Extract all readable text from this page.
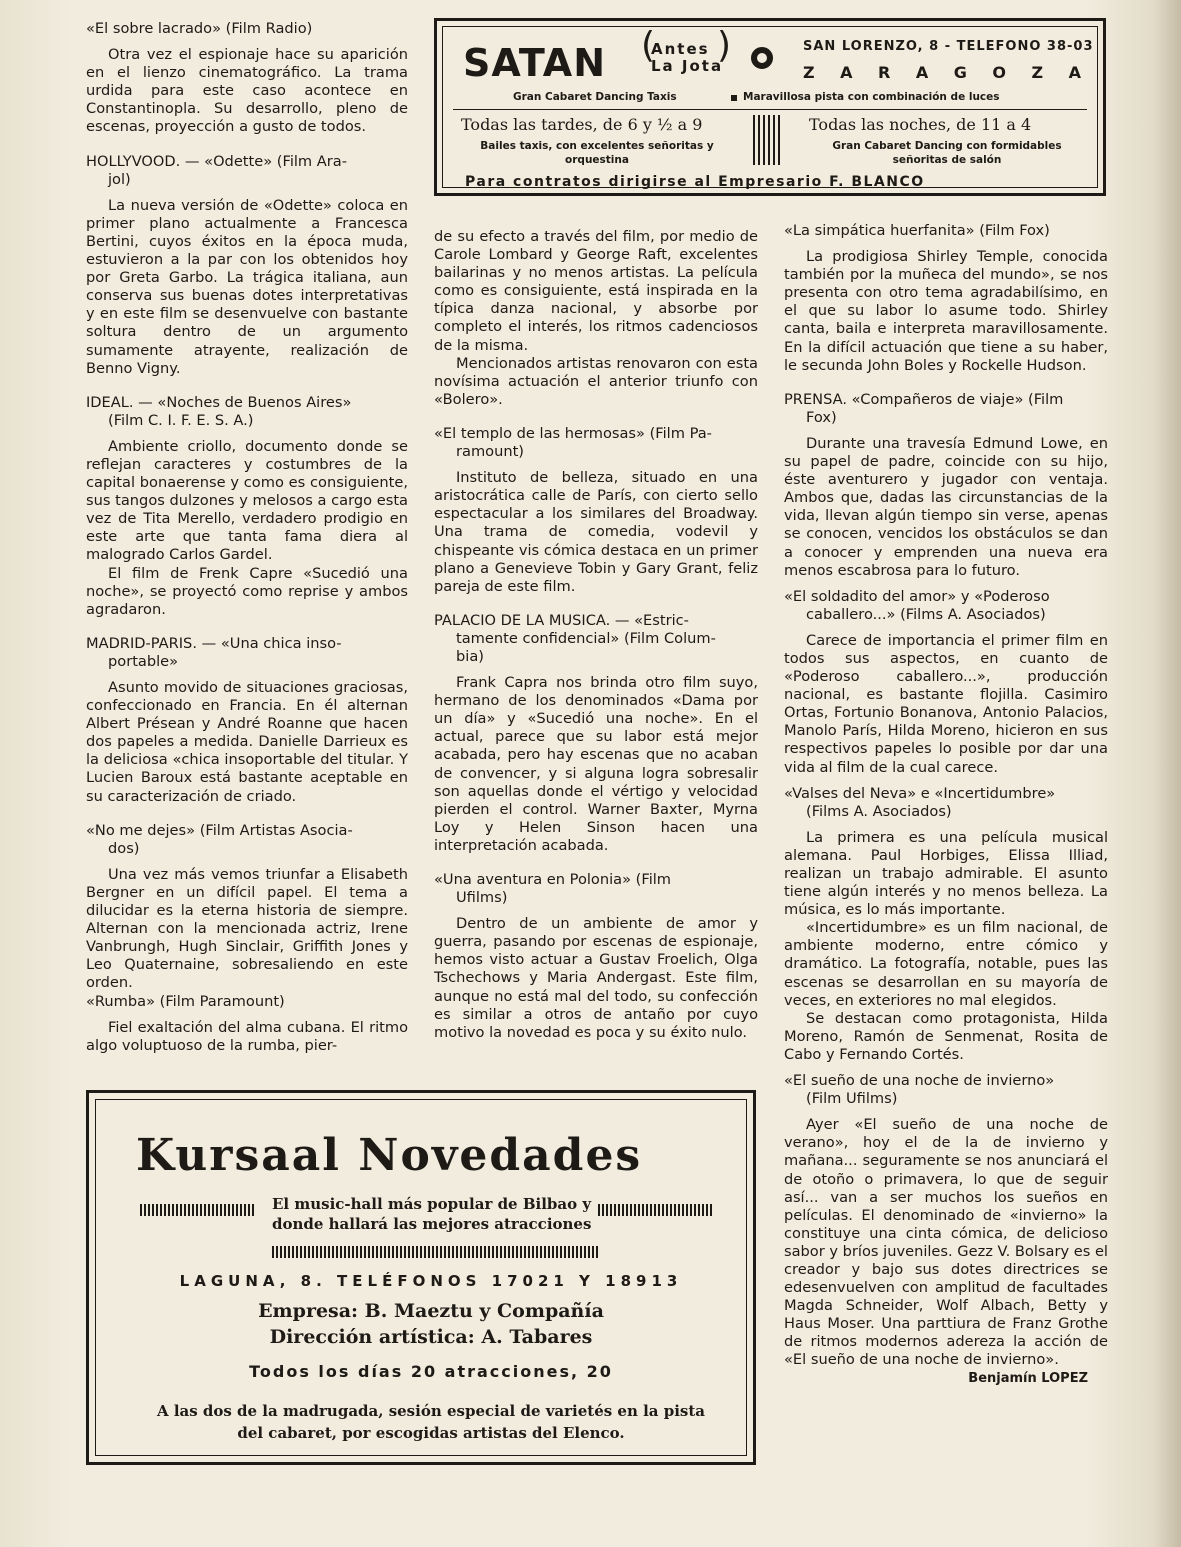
SATAN	( Antes
La Jota
)
SAN LORENZO, 8 - TELEFONO 38-03
Z A R A G O Z A
Gran Cabaret Dancing Taxis	Maravillosa pista con combinación de luces
Todas las tardes, de 6 y ½ a 9
Bailes taxis, con excelentes señoritas y orquestina
Todas las noches, de 11 a 4
Gran Cabaret Dancing con formidables señoritas de salón
Para contratos dirigirse al Empresario F. BLANCO
«El sobre lacrado» (Film Radio)

Otra vez el espionaje hace su aparición en el lienzo cinematográfico. La trama urdida para este caso acontece en Constantinopla. Su desarrollo, pleno de escenas, proyección a gusto de todos.

HOLLYVOOD. — «Odette» (Film Ara-
jol)

La nueva versión de «Odette» coloca en primer plano actualmente a Francesca Bertini, cuyos éxitos en la época muda, estuvieron a la par con los obtenidos hoy por Greta Garbo. La trágica italiana, aun conserva sus buenas dotes interpretativas y en este film se desenvuelve con bastante soltura dentro de un argumento sumamente atrayente, realización de Benno Vigny.

IDEAL. — «Noches de Buenos Aires»
(Film C. I. F. E. S. A.)

Ambiente criollo, documento donde se reflejan caracteres y costumbres de la capital bonaerense y como es consiguiente, sus tangos dulzones y melosos a cargo esta vez de Tita Merello, verdadero prodigio en este arte que tanta fama diera al malogrado Carlos Gardel.

El film de Frenk Capre «Sucedió una noche», se proyectó como reprise y ambos agradaron.

MADRID-PARIS. — «Una chica inso-
portable»

Asunto movido de situaciones graciosas, confeccionado en Francia. En él alternan Albert Présean y André Roanne que hacen dos papeles a medida. Danielle Darrieux es la deliciosa «chica insoportable del titular. Y Lucien Baroux está bastante aceptable en su caracterización de criado.

«No me dejes» (Film Artistas Asocia-
dos)

Una vez más vemos triunfar a Elisabeth Bergner en un difícil papel. El tema a dilucidar es la eterna historia de siempre. Alternan con la mencionada actriz, Irene Vanbrungh, Hugh Sinclair, Griffith Jones y Leo Quaternaine, sobresaliendo en este orden.

«Rumba» (Film Paramount)

Fiel exaltación del alma cubana. El ritmo algo voluptuoso de la rumba, pier-

de su efecto a través del film, por medio de Carole Lombard y George Raft, excelentes bailarinas y no menos artistas. La película como es consiguiente, está inspirada en la típica danza nacional, y absorbe por completo el interés, los ritmos cadenciosos de la misma.

Mencionados artistas renovaron con esta novísima actuación el anterior triunfo con «Bolero».

«El templo de las hermosas» (Film Pa-
ramount)

Instituto de belleza, situado en una aristocrática calle de París, con cierto sello espectacular a los similares del Broadway. Una trama de comedia, vodevil y chispeante vis cómica destaca en un primer plano a Genevieve Tobin y Gary Grant, feliz pareja de este film.

PALACIO DE LA MUSICA. — «Estric-
tamente confidencial» (Film Colum-
bia)

Frank Capra nos brinda otro film suyo, hermano de los denominados «Dama por un día» y «Sucedió una noche». En el actual, parece que su labor está mejor acabada, pero hay escenas que no acaban de convencer, y si alguna logra sobresalir son aquellas donde el vértigo y velocidad pierden el control. Warner Baxter, Myrna Loy y Helen Sinson hacen una interpretación acabada.

«Una aventura en Polonia» (Film
Ufilms)

Dentro de un ambiente de amor y guerra, pasando por escenas de espionaje, hemos visto actuar a Gustav Froelich, Olga Tschechows y Maria Andergast. Este film, aunque no está mal del todo, su confección es similar a otros de antaño por cuyo motivo la novedad es poca y su éxito nulo.

«La simpática huerfanita» (Film Fox)

La prodigiosa Shirley Temple, conocida también por la muñeca del mundo», se nos presenta con otro tema agradabilísimo, en el que su labor lo asume todo. Shirley canta, baila e interpreta maravillosamente. En la difícil actuación que tiene a su haber, le secunda John Boles y Rockelle Hudson.

PRENSA. «Compañeros de viaje» (Film
Fox)

Durante una travesía Edmund Lowe, en su papel de padre, coincide con su hijo, éste aventurero y jugador con ventaja. Ambos que, dadas las circunstancias de la vida, llevan algún tiempo sin verse, apenas se conocen, vencidos los obstáculos se dan a conocer y emprenden una nueva era menos escabrosa para lo futuro.

«El soldadito del amor» y «Poderoso
caballero...» (Films A. Asociados)

Carece de importancia el primer film en todos sus aspectos, en cuanto de «Poderoso caballero...», producción nacional, es bastante flojilla. Casimiro Ortas, Fortunio Bonanova, Antonio Palacios, Manolo París, Hilda Moreno, hicieron en sus respectivos papeles lo posible por dar una vida al film de la cual carece.

«Valses del Neva» e «Incertidumbre»
(Films A. Asociados)

La primera es una película musical alemana. Paul Horbiges, Elissa Illiad, realizan un trabajo admirable. El asunto tiene algún interés y no menos belleza. La música, es lo más importante.

«Incertidumbre» es un film nacional, de ambiente moderno, entre cómico y dramático. La fotografía, notable, pues las escenas se desarrollan en su mayoría de veces, en exteriores no mal elegidos.

Se destacan como protagonista, Hilda Moreno, Ramón de Senmenat, Rosita de Cabo y Fernando Cortés.

«El sueño de una noche de invierno»
(Film Ufilms)

Ayer «El sueño de una noche de verano», hoy el de la de invierno y mañana... seguramente se nos anunciará el de otoño o primavera, lo que de seguir así... van a ser muchos los sueños en películas. El denominado de «invierno» la constituye una cinta cómica, de delicioso sabor y bríos juveniles. Gezz V. Bolsary es el creador y bajo sus dotes directrices se edesenvuelven con amplitud de facultades Magda Schneider, Wolf Albach, Betty y Haus Moser. Una parttiura de Franz Grothe de ritmos modernos adereza la acción de «El sueño de una noche de invierno».

Benjamín LOPEZ
Kursaal Novedades
El music-hall más popular de Bilbao y
donde hallará las mejores atracciones
LAGUNA, 8. TELÉFONOS 17021 Y 18913
Empresa: B. Maeztu y Compañía
Dirección artística: A. Tabares
Todos los días 20 atracciones, 20
A las dos de la madrugada, sesión especial de varietés en la pista
del cabaret, por escogidas artistas del Elenco.
